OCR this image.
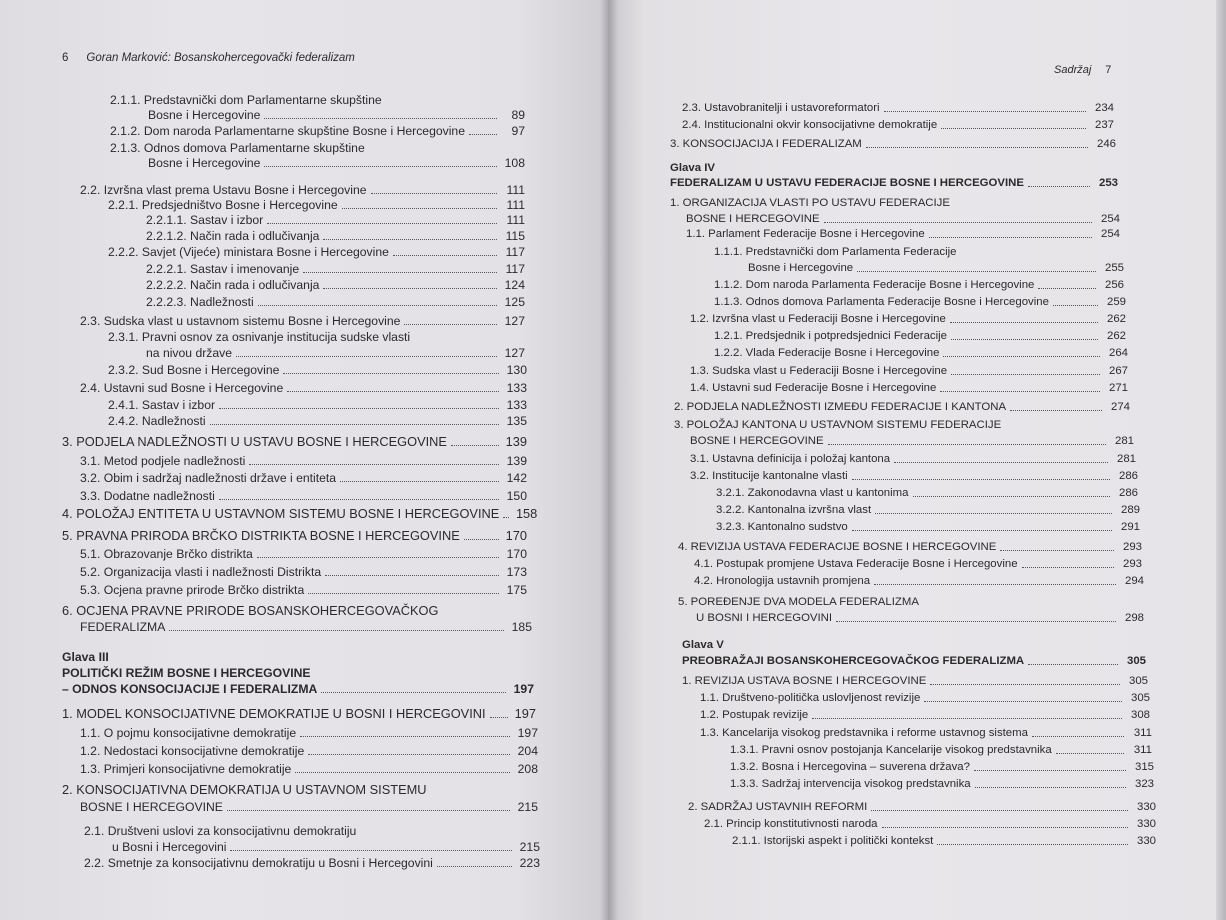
6 Goran Marković: Bosanskohercegovački federalizam
2.1.1. Predstavnički dom Parlamentarne skupštine
Bosne i Hercegovine	89
2.1.2. Dom naroda Parlamentarne skupštine Bosne i Hercegovine	97
2.1.3. Odnos domova Parlamentarne skupštine
Bosne i Hercegovine	108
2.2. Izvršna vlast prema Ustavu Bosne i Hercegovine	111
2.2.1. Predsjedništvo Bosne i Hercegovine	111
2.2.1.1. Sastav i izbor	111
2.2.1.2. Način rada i odlučivanja	115
2.2.2. Savjet (Vijeće) ministara Bosne i Hercegovine	117
2.2.2.1. Sastav i imenovanje	117
2.2.2.2. Način rada i odlučivanja	124
2.2.2.3. Nadležnosti	125
2.3. Sudska vlast u ustavnom sistemu Bosne i Hercegovine	127
2.3.1. Pravni osnov za osnivanje institucija sudske vlasti
na nivou države	127
2.3.2. Sud Bosne i Hercegovine	130
2.4. Ustavni sud Bosne i Hercegovine	133
2.4.1. Sastav i izbor	133
2.4.2. Nadležnosti	135
3. PODJELA NADLEŽNOSTI U USTAVU BOSNE I HERCEGOVINE	139
3.1. Metod podjele nadležnosti	139
3.2. Obim i sadržaj nadležnosti države i entiteta	142
3.3. Dodatne nadležnosti	150
4. POLOŽAJ ENTITETA U USTAVNOM SISTEMU BOSNE I HERCEGOVINE 158
5. PRAVNA PRIRODA BRČKO DISTRIKTA BOSNE I HERCEGOVINE	170
5.1. Obrazovanje Brčko distrikta	170
5.2. Organizacija vlasti i nadležnosti Distrikta	173
5.3. Ocjena pravne prirode Brčko distrikta	175
6. OCJENA PRAVNE PRIRODE BOSANSKOHERCEGOVAČKOG
FEDERALIZMA	185
Glava III
POLITIČKI REŽIM BOSNE I HERCEGOVINE
– ODNOS KONSOCIJACIJE I FEDERALIZMA	197
1. MODEL KONSOCIJATIVNE DEMOKRATIJE U BOSNI I HERCEGOVINI 197
1.1. O pojmu konsocijativne demokratije	197
1.2. Nedostaci konsocijativne demokratije	204
1.3. Primjeri konsocijativne demokratije	208
2. KONSOCIJATIVNA DEMOKRATIJA U USTAVNOM SISTEMU
BOSNE I HERCEGOVINE	215
2.1. Društveni uslovi za konsocijativnu demokratiju
u Bosni i Hercegovini	215
2.2. Smetnje za konsocijativnu demokratiju u Bosni i Hercegovini	223
Sadržaj 7
2.3. Ustavobranitelji i ustavoreformatori	234
2.4. Institucionalni okvir konsocijativne demokratije	237
3. KONSOCIJACIJA I FEDERALIZAM	246
Glava IV
FEDERALIZAM U USTAVU FEDERACIJE BOSNE I HERCEGOVINE	253
1. ORGANIZACIJA VLASTI PO USTAVU FEDERACIJE
BOSNE I HERCEGOVINE	254
1.1. Parlament Federacije Bosne i Hercegovine	254
1.1.1. Predstavnički dom Parlamenta Federacije
Bosne i Hercegovine	255
1.1.2. Dom naroda Parlamenta Federacije Bosne i Hercegovine	256
1.1.3. Odnos domova Parlamenta Federacije Bosne i Hercegovine	259
1.2. Izvršna vlast u Federaciji Bosne i Hercegovine	262
1.2.1. Predsjednik i potpredsjednici Federacije	262
1.2.2. Vlada Federacije Bosne i Hercegovine	264
1.3. Sudska vlast u Federaciji Bosne i Hercegovine	267
1.4. Ustavni sud Federacije Bosne i Hercegovine	271
2. PODJELA NADLEŽNOSTI IZMEĐU FEDERACIJE I KANTONA	274
3. POLOŽAJ KANTONA U USTAVNOM SISTEMU FEDERACIJE
BOSNE I HERCEGOVINE	281
3.1. Ustavna definicija i položaj kantona	281
3.2. Institucije kantonalne vlasti	286
3.2.1. Zakonodavna vlast u kantonima	286
3.2.2. Kantonalna izvršna vlast	289
3.2.3. Kantonalno sudstvo	291
4. REVIZIJA USTAVA FEDERACIJE BOSNE I HERCEGOVINE	293
4.1. Postupak promjene Ustava Federacije Bosne i Hercegovine	293
4.2. Hronologija ustavnih promjena	294
5. POREĐENJE DVA MODELA FEDERALIZMA
U BOSNI I HERCEGOVINI	298
Glava V
PREOBRAŽAJI BOSANSKOHERCEGOVAČKOG FEDERALIZMA	305
1. REVIZIJA USTAVA BOSNE I HERCEGOVINE	305
1.1. Društveno-politička uslovljenost revizije	305
1.2. Postupak revizije	308
1.3. Kancelarija visokog predstavnika i reforme ustavnog sistema	311
1.3.1. Pravni osnov postojanja Kancelarije visokog predstavnika	311
1.3.2. Bosna i Hercegovina – suverena država?	315
1.3.3. Sadržaj intervencija visokog predstavnika	323
2. SADRŽAJ USTAVNIH REFORMI	330
2.1. Princip konstitutivnosti naroda	330
2.1.1. Istorijski aspekt i politički kontekst	330
